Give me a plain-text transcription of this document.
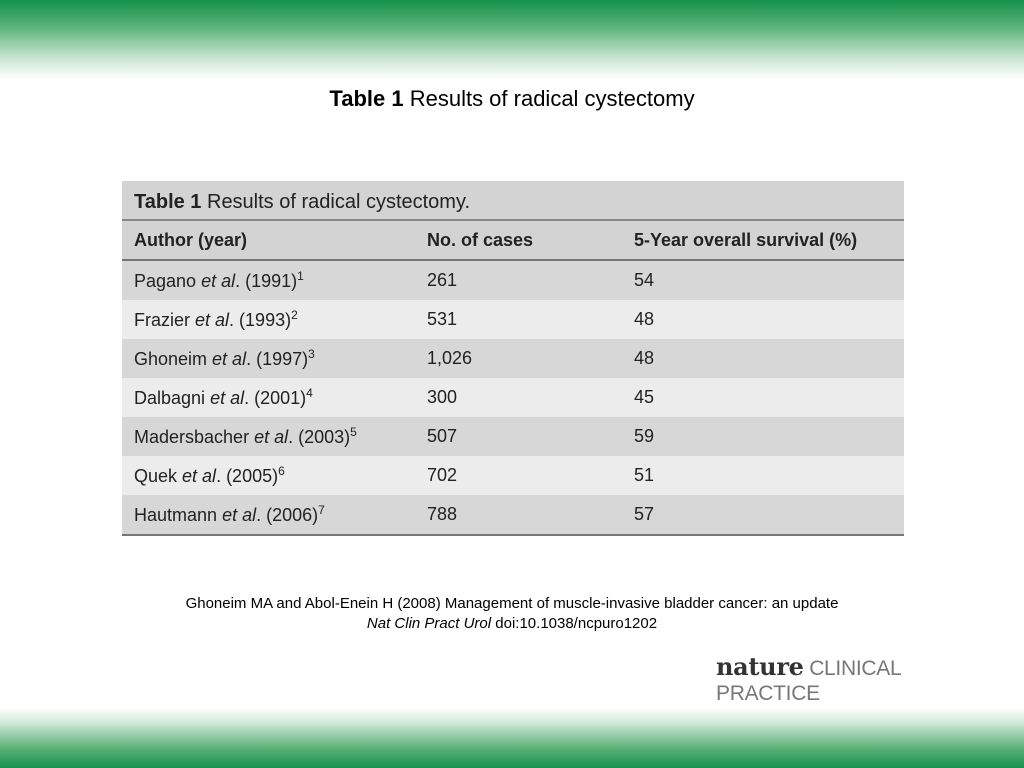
Table 1 Results of radical cystectomy
Table 1 Results of radical cystectomy.
Author (year)	No. of cases	5-Year overall survival (%)
Pagano et al. $(1991)^1$	261	54
Frazier et al. $(1993)^2$	531	48
Ghoneim et al. $(1997)^3$	1,026	48
Dalbagni et al. $(2001)^4$	300	45
Madersbacher et al. $(2003)^5$	507	59
Quek et al. $(2005)^6$	702	51
Hautmann et al. $(2006)^7$	788	57
Ghoneim MA and Abol-Enein H (2008) Management of muscle-invasive bladder cancer: an update
Nat Clin Pract Urol doi:10.1038/ncpuro1202
nature CLINICAL PRACTICE
